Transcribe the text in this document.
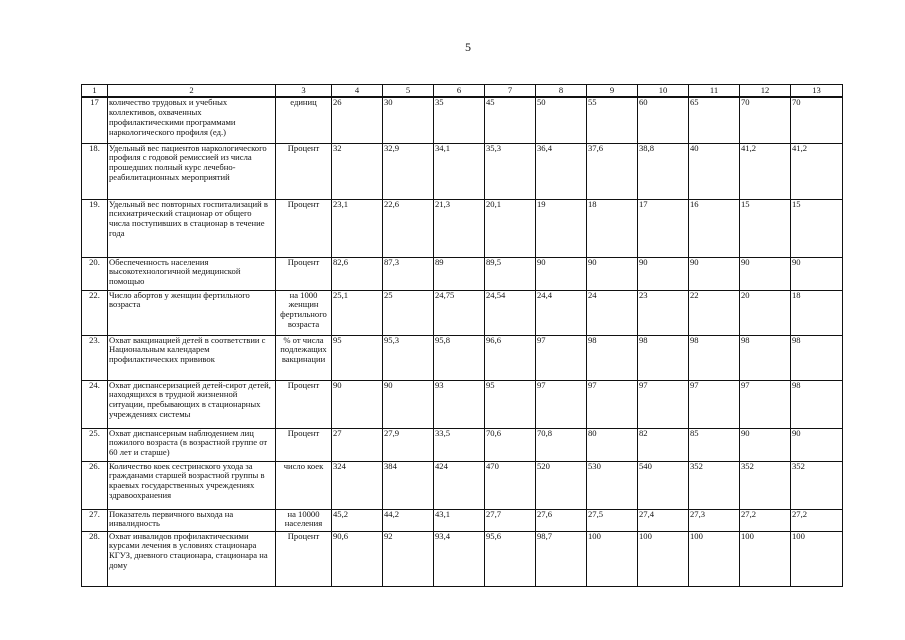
5
1	2	3	4	5	6	7	8	9	10	11	12	13
17	количество трудовых и учебных коллективов, охваченных профилактическими программами наркологического профиля (ед.)	единиц	26	30	35	45	50	55	60	65	70	70
18.	Удельный вес пациентов наркологического профиля с годовой ремиссией из числа прошедших полный курс лечебно-реабилитационных мероприятий	Процент	32	32,9	34,1	35,3	36,4	37,6	38,8	40	41,2	41,2
19.	Удельный вес повторных госпитализаций в психиатрический стационар от общего числа поступивших в стационар в течение года	Процент	23,1	22,6	21,3	20,1	19	18	17	16	15	15
20.	Обеспеченность населения высокотехнологичной медицинской помощью	Процент	82,6	87,3	89	89,5	90	90	90	90	90	90
22.	Число абортов у женщин фертильного возраста	на 1000 женщин фертильного возраста	25,1	25	24,75	24,54	24,4	24	23	22	20	18
23.	Охват вакцинацией детей в соответствии с Национальным календарем профилактических прививок	% от числа подлежащих вакцинации	95	95,3	95,8	96,6	97	98	98	98	98	98
24.	Охват диспансеризацией детей-сирот детей, находящихся в трудной жизненной ситуации, пребывающих в стационарных учреждениях системы	Процент	90	90	93	95	97	97	97	97	97	98
25.	Охват диспансерным наблюдением лиц пожилого возраста (в возрастной группе от 60 лет и старше)	Процент	27	27,9	33,5	70,6	70,8	80	82	85	90	90
26.	Количество коек сестринского ухода за гражданами старшей возрастной группы в краевых государственных учреждениях здравоохранения	число коек	324	384	424	470	520	530	540	352	352	352
27.	Показатель первичного выхода на инвалидность	на 10000 населения	45,2	44,2	43,1	27,7	27,6	27,5	27,4	27,3	27,2	27,2
28.	Охват инвалидов профилактическими курсами лечения в условиях стационара КГУЗ, дневного стационара, стационара на дому	Процент	90,6	92	93,4	95,6	98,7	100	100	100	100	100
